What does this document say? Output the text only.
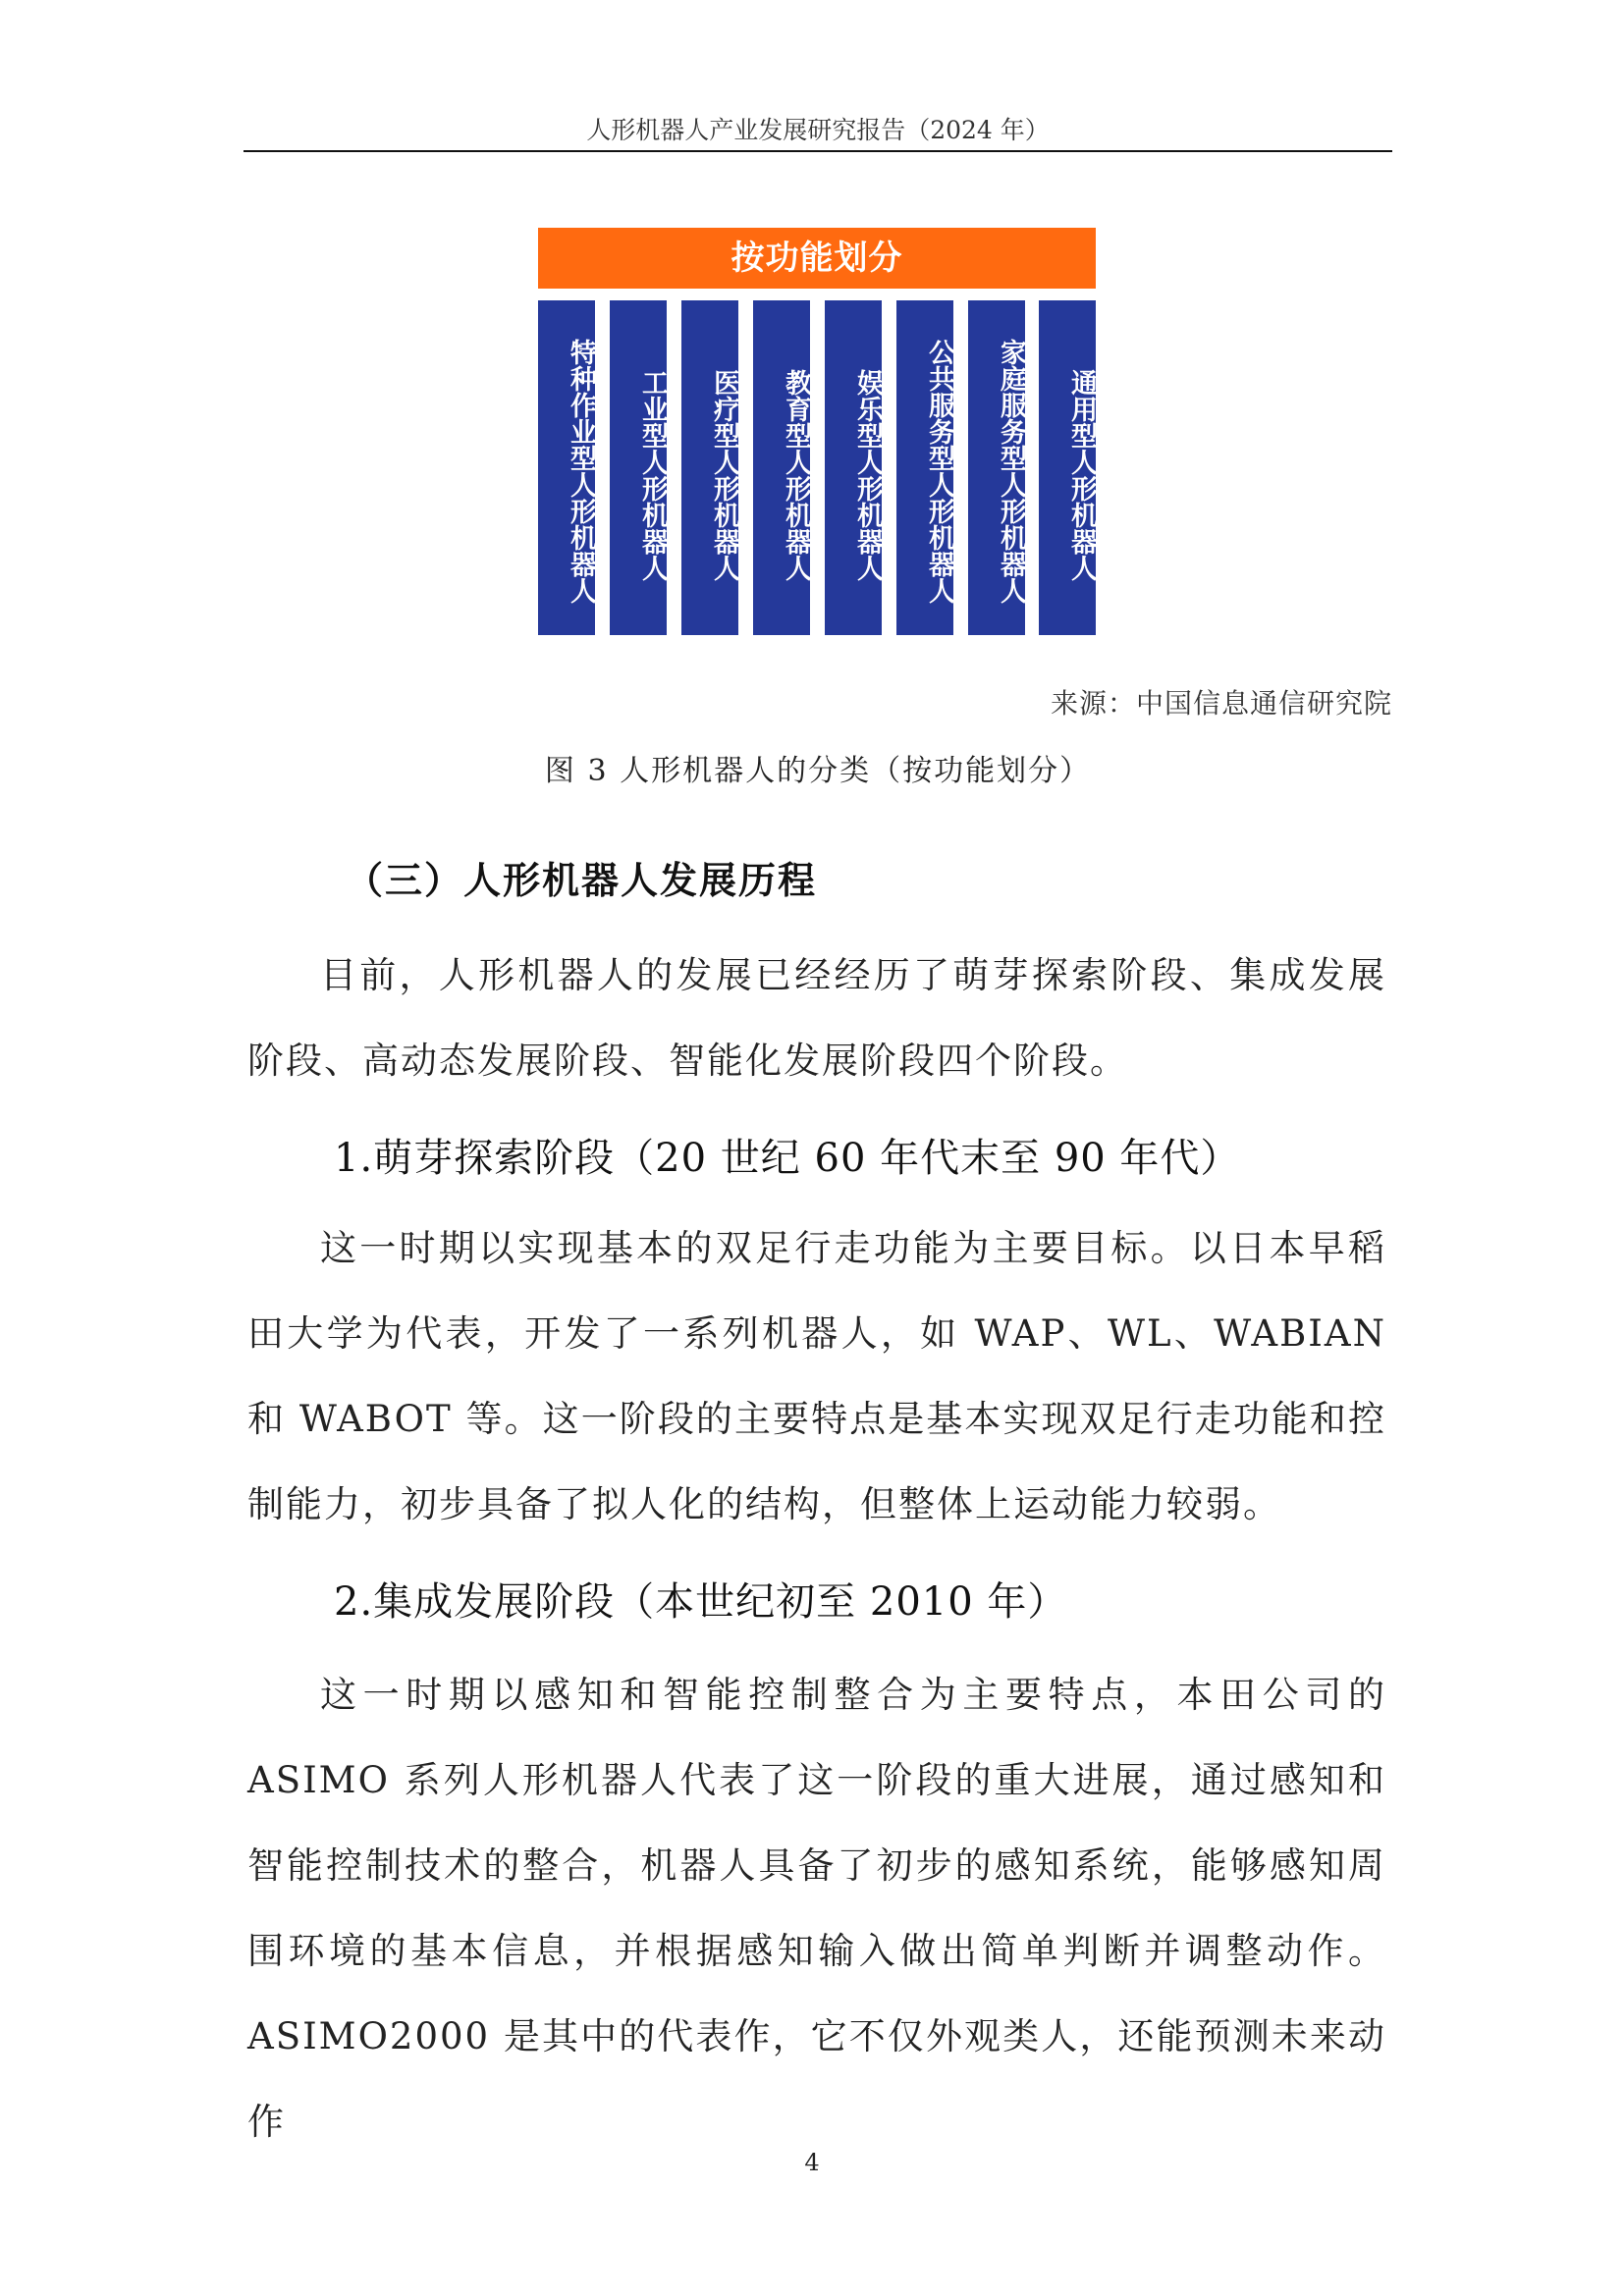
人形机器人产业发展研究报告（2024 年）
按功能划分
特种作业型人形机器人	工业型人形机器人	医疗型人形机器人	教育型人形机器人	娱乐型人形机器人	公共服务型人形机器人	家庭服务型人形机器人	通用型人形机器人
来源：中国信息通信研究院
图 3 人形机器人的分类（按功能划分）
（三）人形机器人发展历程
目前，人形机器人的发展已经经历了萌芽探索阶段、集成发展阶段、高动态发展阶段、智能化发展阶段四个阶段。
1.萌芽探索阶段（20 世纪 60 年代末至 90 年代）
这一时期以实现基本的双足行走功能为主要目标。以日本早稻田大学为代表，开发了一系列机器人，如 WAP、WL、WABIAN 和 WABOT 等。这一阶段的主要特点是基本实现双足行走功能和控制能力，初步具备了拟人化的结构，但整体上运动能力较弱。
2.集成发展阶段（本世纪初至 2010 年）
这一时期以感知和智能控制整合为主要特点，本田公司的 ASIMO 系列人形机器人代表了这一阶段的重大进展，通过感知和智能控制技术的整合，机器人具备了初步的感知系统，能够感知周围环境的基本信息，并根据感知输入做出简单判断并调整动作。ASIMO2000 是其中的代表作，它不仅外观类人，还能预测未来动作
4
